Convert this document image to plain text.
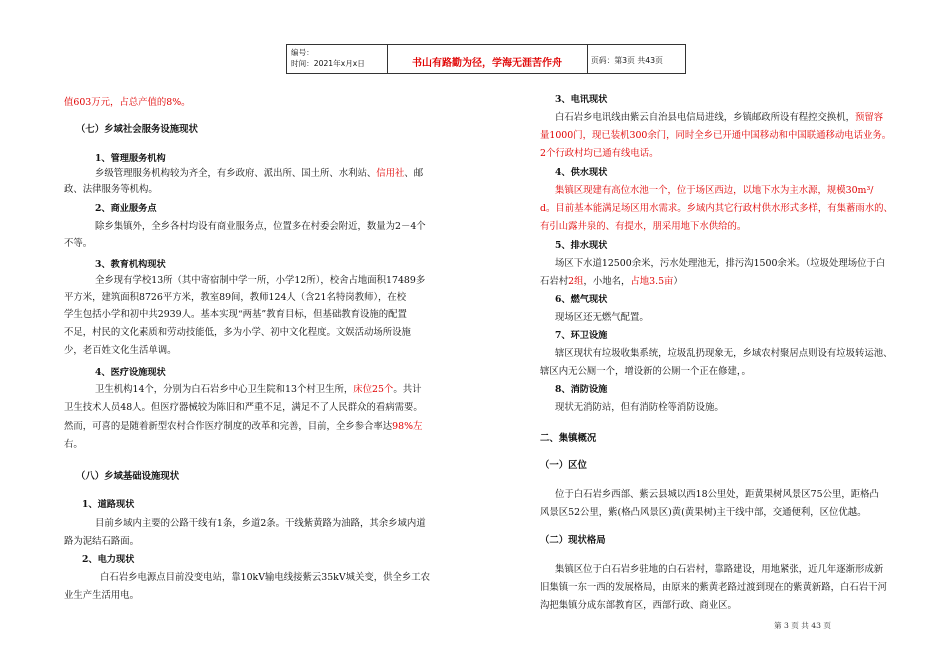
编号：
时间：2021年x月x日	书山有路勤为径，学海无涯苦作舟	页码：第3页 共43页
值603万元，占总产值的8%。
（七）乡域社会服务设施现状
1、管理服务机构
乡级管理服务机构较为齐全，有乡政府、派出所、国土所、水利站、信用社、邮
政、法律服务等机构。
2、商业服务点
除乡集镇外，全乡各村均设有商业服务点，位置多在村委会附近，数量为2－4个
不等。
3、教育机构现状
全乡现有学校13所（其中寄宿制中学一所，小学12所），校舍占地面积17489多
平方米，建筑面积8726平方米，教室89间，教师124人（含21名特岗教师），在校
学生包括小学和初中共2939人。基本实现“两基”教育目标，但基础教育设施的配置
不足，村民的文化素质和劳动技能低，多为小学、初中文化程度。文娱活动场所设施
少，老百姓文化生活单调。
4、医疗设施现状
卫生机构14个，分别为白石岩乡中心卫生院和13个村卫生所，床位25个。共计
卫生技术人员48人。但医疗器械较为陈旧和严重不足，满足不了人民群众的看病需要。
然而，可喜的是随着新型农村合作医疗制度的改革和完善，目前，全乡参合率达98%左
右。
（八）乡域基础设施现状
1、道路现状
目前乡域内主要的公路干线有1条，乡道2条。干线紫黄路为油路，其余乡域内道
路为泥结石路面。
2、电力现状
白石岩乡电源点目前没变电站，靠10kV输电线接紫云35kV城关变，供全乡工农
业生产生活用电。
3、电讯现状
白石岩乡电讯线由紫云自治县电信局进线，乡镇邮政所设有程控交换机，预留容
量1000门，现已装机300余门，同时全乡已开通中国移动和中国联通移动电话业务。
2个行政村均已通有线电话。
4、供水现状
集镇区现建有高位水池一个，位于场区西边，以地下水为主水源，规模30m³/
d。目前基本能满足场区用水需求。乡域内其它行政村供水形式多样，有集蓄雨水的、
有引山露井泉的、有提水，朋采用地下水供给的。
5、排水现状
场区下水道12500余米，污水处理池无，排污沟1500余米。（垃圾处理场位于白
石岩村2组，小地名，占地3.5亩）
6、燃气现状
现场区还无燃气配置。
7、环卫设施
辖区现状有垃圾收集系统，垃圾乱扔现象无，乡域农村聚居点则设有垃圾转运池、
辖区内无公厕一个，增设新的公厕一个正在修建，。
8、消防设施
现状无消防站，但有消防栓等消防设施。
二、集镇概况
（一）区位
位于白石岩乡西部、紫云县城以西18公里处，距黄果树风景区75公里，距格凸
风景区52公里，紫(格凸风景区)黄(黄果树)主干线中部，交通便利，区位优越。
（二）现状格局
集镇区位于白石岩乡驻地的白石岩村，靠路建设，用地紧张，近几年逐渐形成新
旧集镇一东一西的发展格局，由原来的紫黄老路过渡到现在的紫黄新路，白石岩干河
沟把集镇分成东部教育区，西部行政、商业区。
第 3 页 共 43 页
